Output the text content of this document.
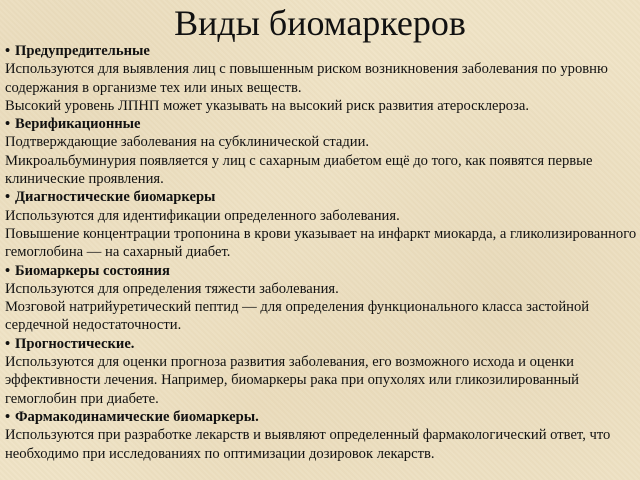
Виды биомаркеров

• Предупредительные

Используются для выявления лиц с повышенным риском возникновения заболевания по уровню содержания в организме тех или иных веществ.

Высокий уровень ЛПНП может указывать на высокий риск развития атеросклероза.

• Верификационные

Подтверждающие заболевания на субклинической стадии.

Микроальбуминурия появляется у лиц с сахарным диабетом ещё до того, как появятся первые клинические проявления.

• Диагностические биомаркеры

Используются для идентификации определенного заболевания.

Повышение концентрации тропонина в крови указывает на инфаркт миокарда, а гликолизированного гемоглобина — на сахарный диабет.

• Биомаркеры состояния

Используются для определения тяжести заболевания.

Мозговой натрийуретический пептид — для определения функционального класса застойной сердечной недостаточности.

• Прогностические.

Используются для оценки прогноза развития заболевания, его возможного исхода и оценки эффективности лечения. Например, биомаркеры рака при опухолях или гликозилированный гемоглобин при диабете.

• Фармакодинамические биомаркеры.

Используются при разработке лекарств и выявляют определенный фармакологический ответ, что необходимо при исследованиях по оптимизации дозировок лекарств.
